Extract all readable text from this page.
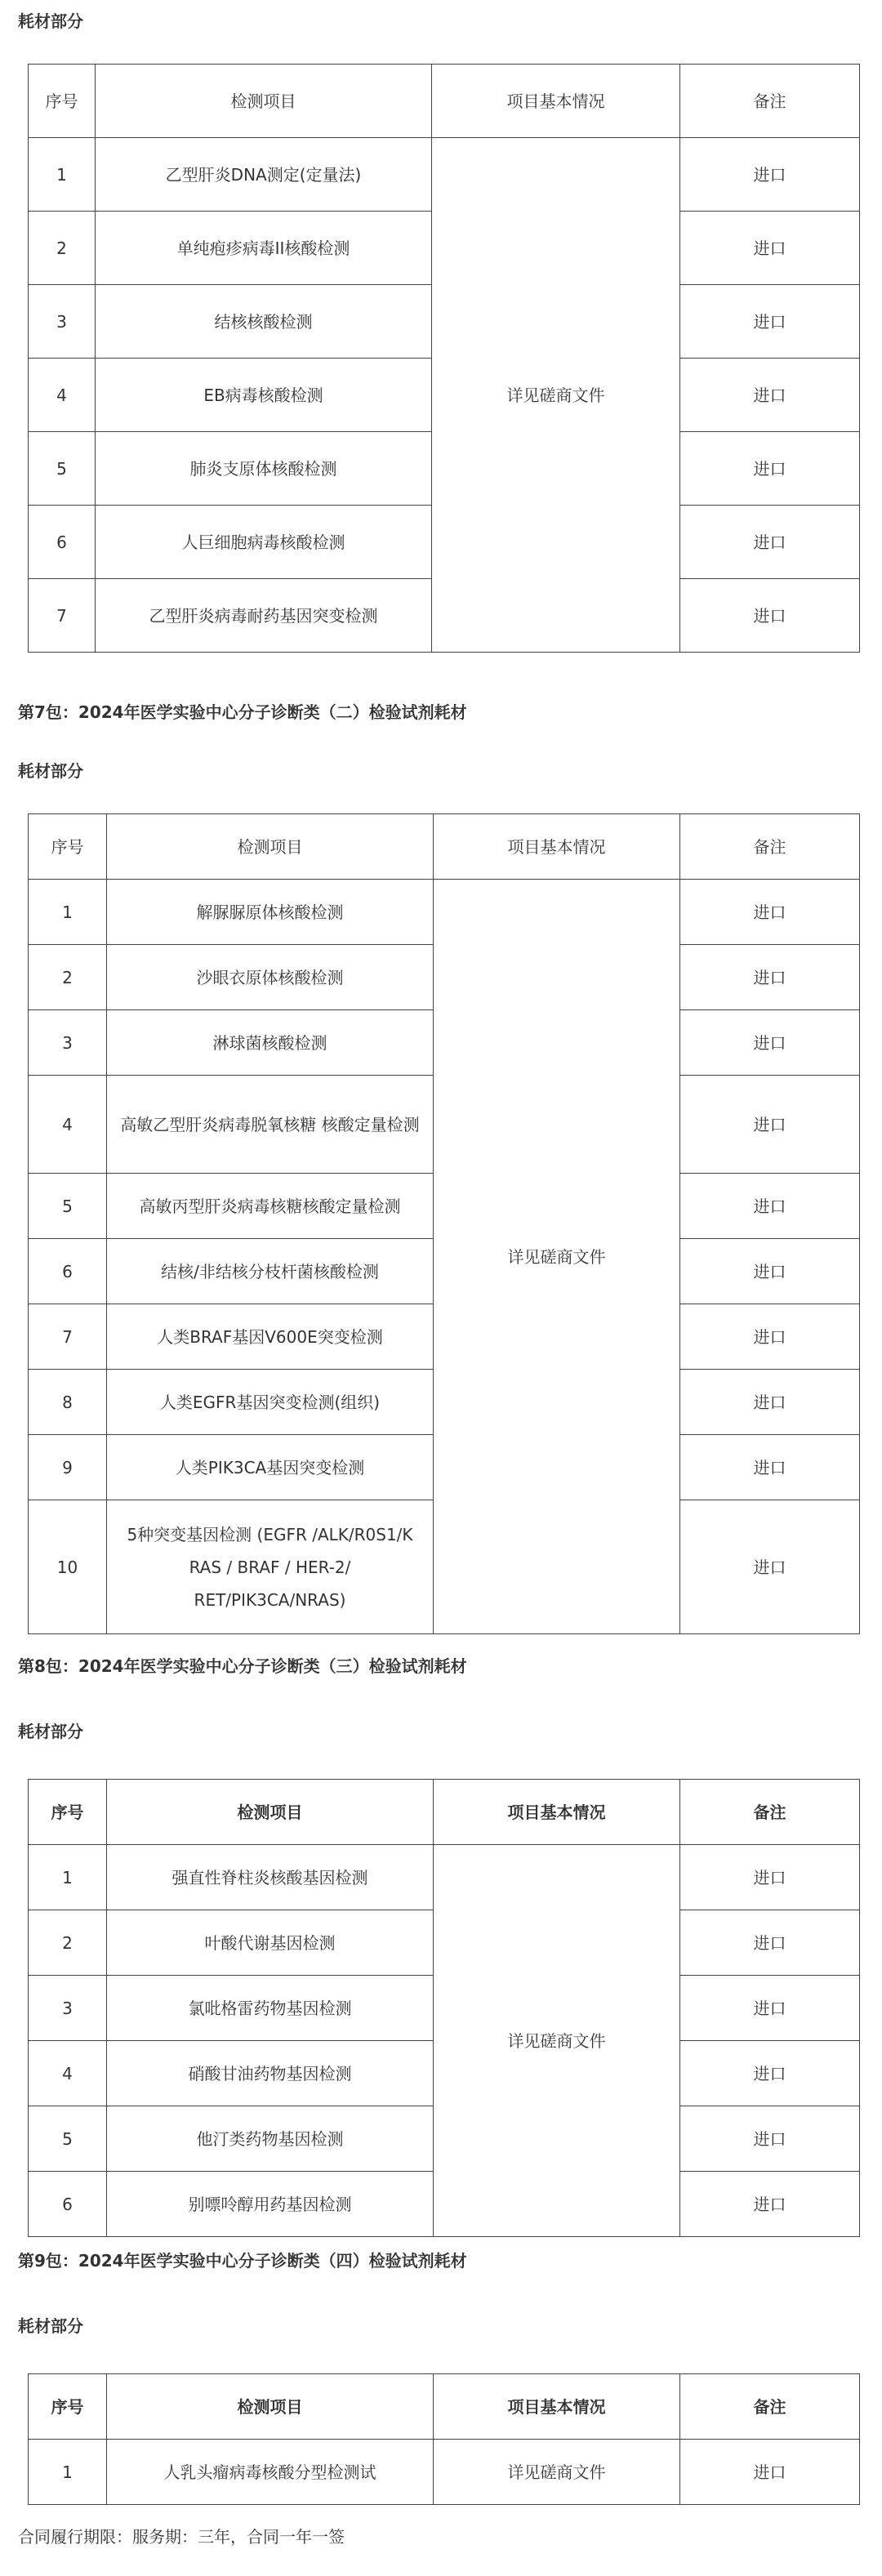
耗材部分
序号	检测项目	项目基本情况	备注
1	乙型肝炎DNA测定(定量法)	详见磋商文件	进口
2	单纯疱疹病毒II核酸检测		进口
3	结核核酸检测		进口
4	EB病毒核酸检测		进口
5	肺炎支原体核酸检测		进口
6	人巨细胞病毒核酸检测		进口
7	乙型肝炎病毒耐药基因突变检测		进口
第7包：2024年医学实验中心分子诊断类（二）检验试剂耗材
耗材部分
序号	检测项目	项目基本情况	备注
1	解脲脲原体核酸检测	详见磋商文件	进口
2	沙眼衣原体核酸检测		进口
3	淋球菌核酸检测		进口
4	高敏乙型肝炎病毒脱氧核糖 核酸定量检测		进口
5	高敏丙型肝炎病毒核糖核酸定量检测		进口
6	结核/非结核分枝杆菌核酸检测		进口
7	人类BRAF基因V600E突变检测		进口
8	人类EGFR基因突变检测(组织)		进口
9	人类PIK3CA基因突变检测		进口
10	5种突变基因检测 (EGFR /ALK/R0S1/K RAS / BRAF / HER-2/ RET/PIK3CA/NRAS)		进口
第8包：2024年医学实验中心分子诊断类（三）检验试剂耗材
耗材部分
序号	检测项目	项目基本情况	备注
1	强直性脊柱炎核酸基因检测	详见磋商文件	进口
2	叶酸代谢基因检测		进口
3	氯吡格雷药物基因检测		进口
4	硝酸甘油药物基因检测		进口
5	他汀类药物基因检测		进口
6	别嘌呤醇用药基因检测		进口
第9包：2024年医学实验中心分子诊断类（四）检验试剂耗材
耗材部分
序号	检测项目	项目基本情况	备注
1	人乳头瘤病毒核酸分型检测试	详见磋商文件	进口
合同履行期限：服务期：三年，合同一年一签
